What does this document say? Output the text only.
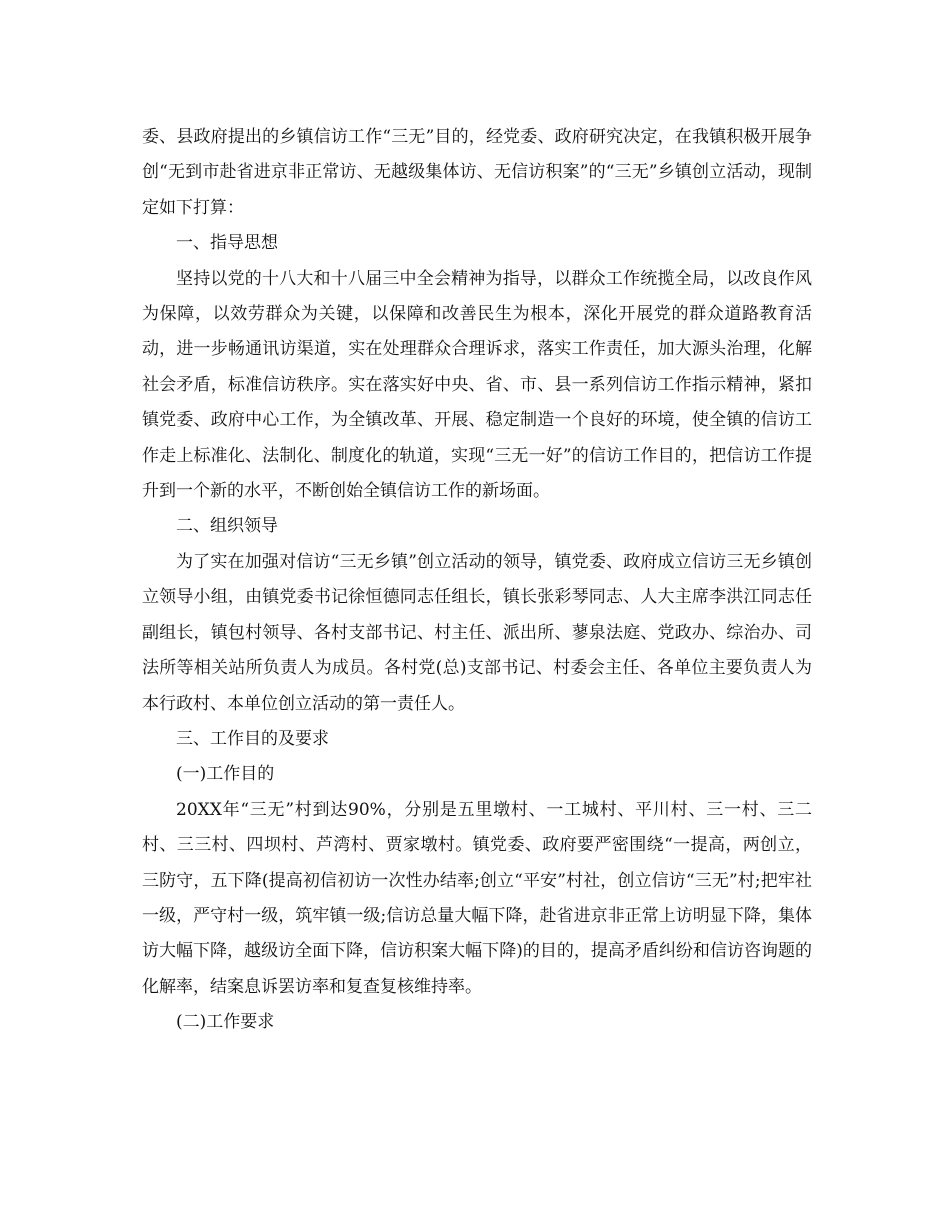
委、县政府提出的乡镇信访工作“三无”目的，经党委、政府研究决定，在我镇积极开展争创“无到市赴省进京非正常访、无越级集体访、无信访积案”的“三无”乡镇创立活动，现制定如下打算：

一、指导思想

坚持以党的十八大和十八届三中全会精神为指导，以群众工作统揽全局，以改良作风为保障，以效劳群众为关键，以保障和改善民生为根本，深化开展党的群众道路教育活动，进一步畅通讯访渠道，实在处理群众合理诉求，落实工作责任，加大源头治理，化解社会矛盾，标准信访秩序。实在落实好中央、省、市、县一系列信访工作指示精神，紧扣镇党委、政府中心工作，为全镇改革、开展、稳定制造一个良好的环境，使全镇的信访工作走上标准化、法制化、制度化的轨道，实现“三无一好”的信访工作目的，把信访工作提升到一个新的水平，不断创始全镇信访工作的新场面。

二、组织领导

为了实在加强对信访“三无乡镇”创立活动的领导，镇党委、政府成立信访三无乡镇创立领导小组，由镇党委书记徐恒德同志任组长，镇长张彩琴同志、人大主席李洪江同志任副组长，镇包村领导、各村支部书记、村主任、派出所、蓼泉法庭、党政办、综治办、司法所等相关站所负责人为成员。各村党(总)支部书记、村委会主任、各单位主要负责人为本行政村、本单位创立活动的第一责任人。

三、工作目的及要求

(一)工作目的

20XX年“三无”村到达90%，分别是五里墩村、一工城村、平川村、三一村、三二村、三三村、四坝村、芦湾村、贾家墩村。镇党委、政府要严密围绕“一提高，两创立，三防守，五下降(提高初信初访一次性办结率;创立“平安”村社，创立信访“三无”村;把牢社一级，严守村一级，筑牢镇一级;信访总量大幅下降，赴省进京非正常上访明显下降，集体访大幅下降，越级访全面下降，信访积案大幅下降)的目的，提高矛盾纠纷和信访咨询题的化解率，结案息诉罢访率和复查复核维持率。

(二)工作要求
